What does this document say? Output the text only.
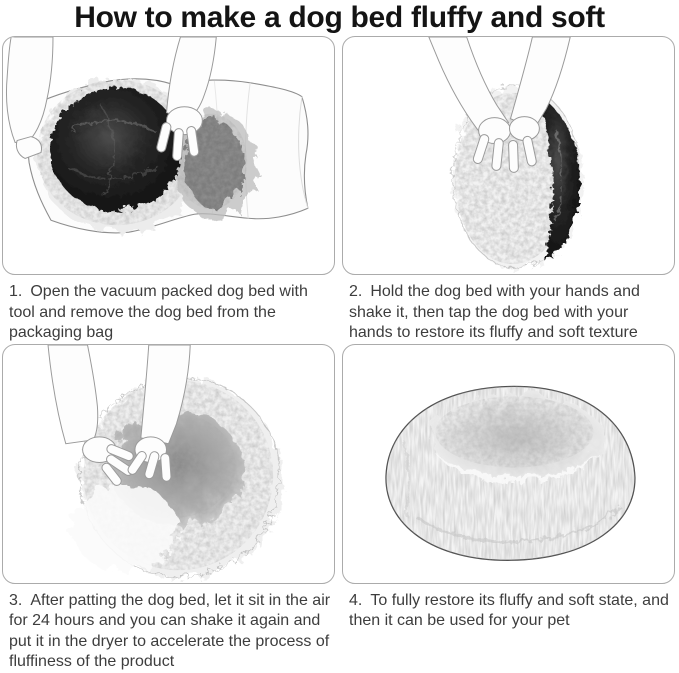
How to make a dog bed fluffy and soft
1. Open the vacuum packed dog bed with tool and remove the dog bed from the packaging bag
2. Hold the dog bed with your hands and shake it, then tap the dog bed with your hands to restore its fluffy and soft texture
3. After patting the dog bed, let it sit in the air for 24 hours and you can shake it again and put it in the dryer to accelerate the process of fluffiness of the product
4. To fully restore its fluffy and soft state, and then it can be used for your pet
